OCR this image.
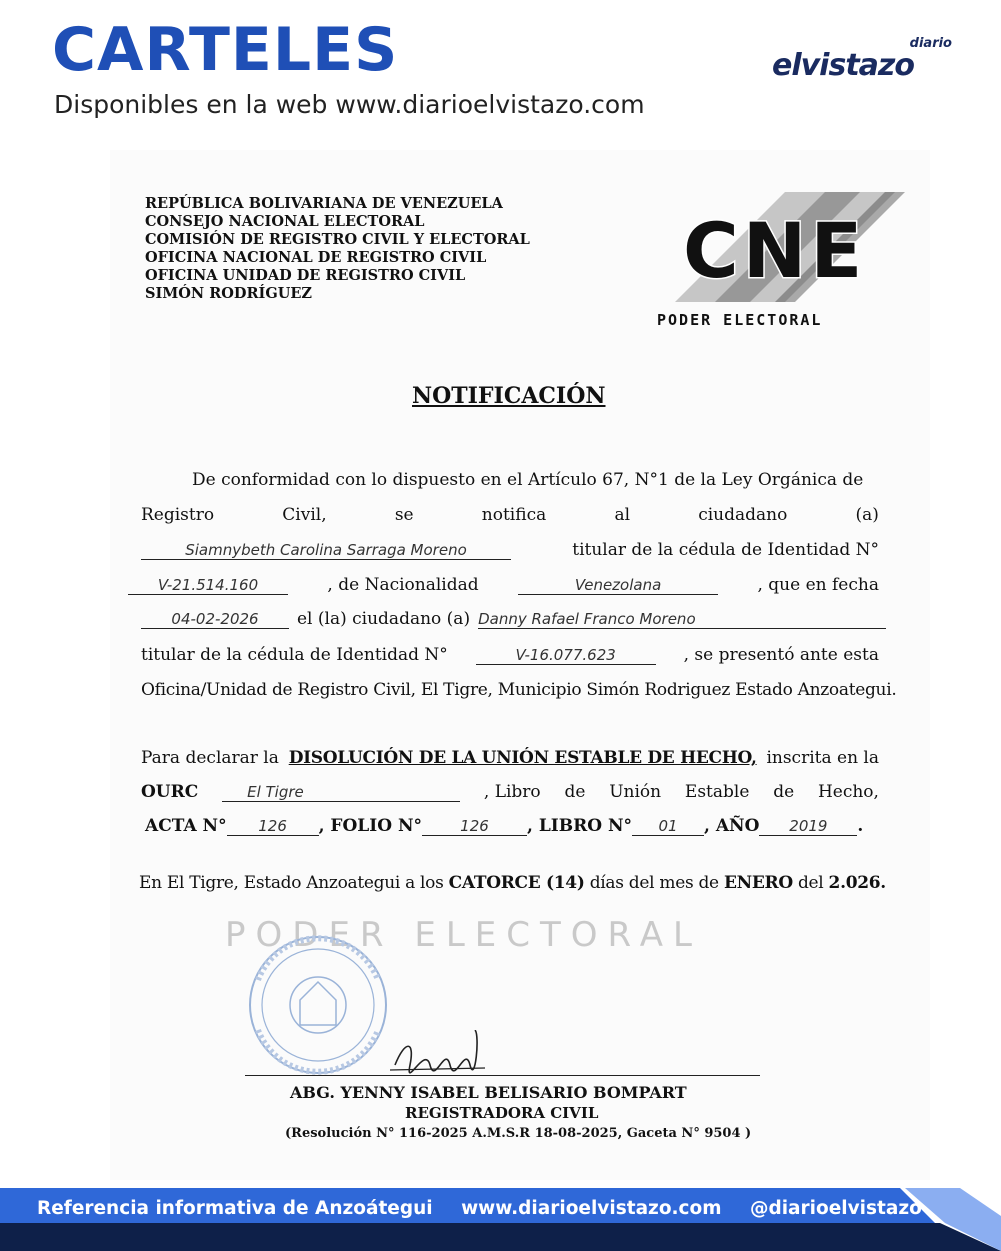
CARTELES
Disponibles en la web www.diarioelvistazo.com
diario
elvistazo
REPÚBLICA BOLIVARIANA DE VENEZUELA
CONSEJO NACIONAL ELECTORAL
COMISIÓN DE REGISTRO CIVIL Y ELECTORAL
OFICINA NACIONAL DE REGISTRO CIVIL
OFICINA UNIDAD DE REGISTRO CIVIL
SIMÓN RODRÍGUEZ	CNE
PODER ELECTORAL
NOTIFICACIÓN
De conformidad con lo dispuesto en el Artículo 67, N°1 de la Ley Orgánica de
Registro	Civil,	se	notifica	al	ciudadano	(a)
Siamnybeth Carolina Sarraga Moreno	titular de la cédula de Identidad N°
V-21.514.160	, de Nacionalidad	Venezolana	, que en fecha
04-02-2026	el (la) ciudadano (a) Danny Rafael Franco Moreno
titular de la cédula de Identidad N°	V-16.077.623	, se presentó ante esta
Oficina/Unidad de Registro Civil, El Tigre, Municipio Simón Rodriguez Estado Anzoategui.
Para declarar la DISOLUCIÓN DE LA UNIÓN ESTABLE DE HECHO, inscrita en la
OURC	El Tigre	, Libro de Unión Estable de Hecho,
ACTA N°	126	, FOLIO N°	126	, LIBRO N°	01	, AÑO	2019	.
En El Tigre, Estado Anzoategui a los CATORCE (14) días del mes de ENERO del 2.026.
PODER ELECTORAL
ABG. YENNY ISABEL BELISARIO BOMPART
REGISTRADORA CIVIL
(Resolución N° 116-2025 A.M.S.R 18-08-2025, Gaceta N° 9504 )
Referencia informativa de Anzoátegui www.diarioelvistazo.com @diarioelvistazo
